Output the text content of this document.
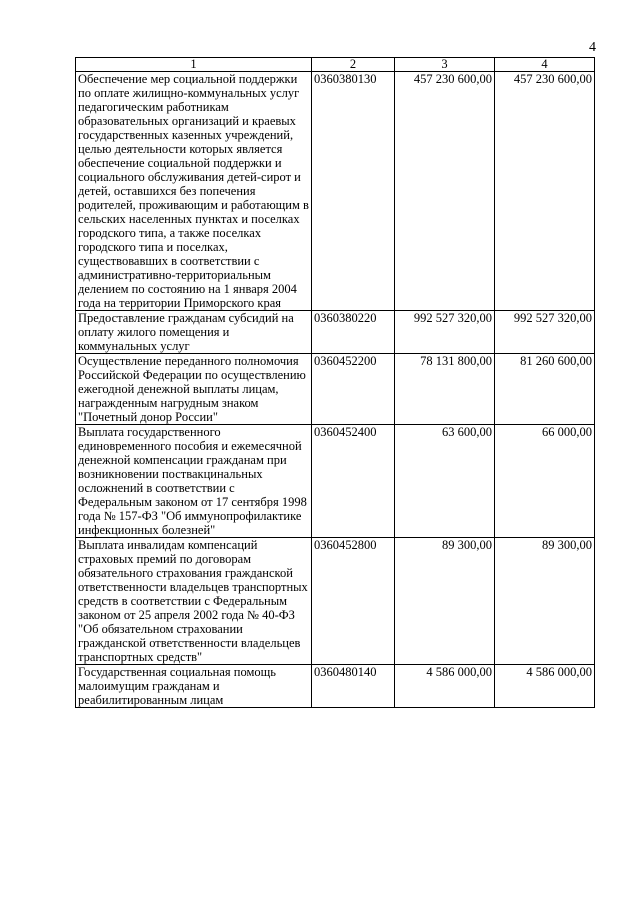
4
1	2	3	4
Обеспечение мер социальной поддержки по оплате жилищно-коммунальных услуг педагогическим работникам образовательных организаций и краевых государственных казенных учреждений, целью деятельности которых является обеспечение социальной поддержки и социального обслуживания детей-сирот и детей, оставшихся без попечения родителей, проживающим и работающим в сельских населенных пунктах и поселках городского типа, а также поселках городского типа и поселках, существовавших в соответствии с административно-территориальным делением по состоянию на 1 января 2004 года на территории Приморского края	0360380130	457 230 600,00	457 230 600,00
Предоставление гражданам субсидий на оплату жилого помещения и коммунальных услуг	0360380220	992 527 320,00	992 527 320,00
Осуществление переданного полномочия Российской Федерации по осуществлению ежегодной денежной выплаты лицам, награжденным нагрудным знаком "Почетный донор России"	0360452200	78 131 800,00	81 260 600,00
Выплата государственного единовременного пособия и ежемесячной денежной компенсации гражданам при возникновении поствакцинальных осложнений в соответствии с Федеральным законом от 17 сентября 1998 года № 157-ФЗ "Об иммунопрофилактике инфекционных болезней"	0360452400	63 600,00	66 000,00
Выплата инвалидам компенсаций страховых премий по договорам обязательного страхования гражданской ответственности владельцев транспортных средств в соответствии с Федеральным законом от 25 апреля 2002 года № 40-ФЗ "Об обязательном страховании гражданской ответственности владельцев транспортных средств"	0360452800	89 300,00	89 300,00
Государственная социальная помощь малоимущим гражданам и реабилитированным лицам	0360480140	4 586 000,00	4 586 000,00
